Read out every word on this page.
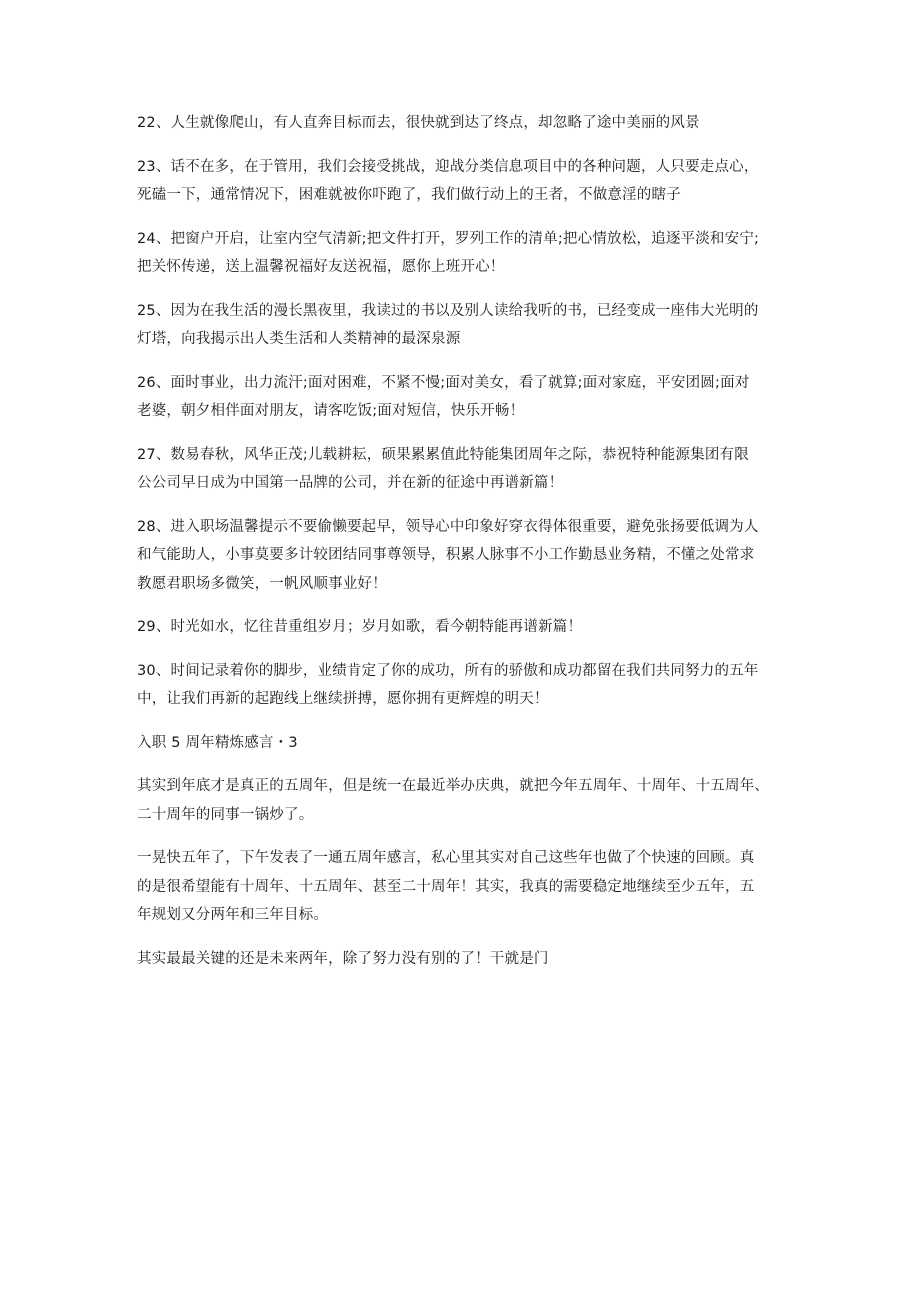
22、人生就像爬山，有人直奔目标而去，很快就到达了终点，却忽略了途中美丽的风景
23、话不在多，在于管用，我们会接受挑战，迎战分类信息项目中的各种问题，人只要走点心，
死磕一下，通常情况下，困难就被你吓跑了，我们做行动上的王者，不做意淫的瞎子
24、把窗户开启，让室内空气清新;把文件打开，罗列工作的清单;把心情放松，追逐平淡和安宁;
把关怀传递，送上温馨祝福好友送祝福，愿你上班开心！
25、因为在我生活的漫长黑夜里，我读过的书以及别人读给我听的书，已经变成一座伟大光明的
灯塔，向我揭示出人类生活和人类精神的最深泉源
26、面时事业，出力流汗;面对困难，不紧不慢;面对美女，看了就算;面对家庭，平安团圆;面对
老婆，朝夕相伴面对朋友，请客吃饭;面对短信，快乐开畅！
27、数易春秋，风华正茂;儿载耕耘，硕果累累值此特能集团周年之际，恭祝特种能源集团有限
公公司早日成为中国第一品牌的公司，并在新的征途中再谱新篇！
28、进入职场温馨提示不要偷懒要起早，领导心中印象好穿衣得体很重要，避免张扬要低调为人
和气能助人，小事莫要多计较团结同事尊领导，积累人脉事不小工作勤恳业务精，不懂之处常求
教愿君职场多微笑，一帆风顺事业好！
29、时光如水，忆往昔重组岁月；岁月如歌，看今朝特能再谱新篇！
30、时间记录着你的脚步，业绩肯定了你的成功，所有的骄傲和成功都留在我们共同努力的五年
中，让我们再新的起跑线上继续拼搏，愿你拥有更辉煌的明天！
入职 5 周年精炼感言・3
其实到年底才是真正的五周年，但是统一在最近举办庆典，就把今年五周年、十周年、十五周年、
二十周年的同事一锅炒了。
一晃快五年了，下午发表了一通五周年感言，私心里其实对自己这些年也做了个快速的回顾。真
的是很希望能有十周年、十五周年、甚至二十周年！其实，我真的需要稳定地继续至少五年，五
年规划又分两年和三年目标。
其实最最关键的还是未来两年，除了努力没有别的了！干就是门
